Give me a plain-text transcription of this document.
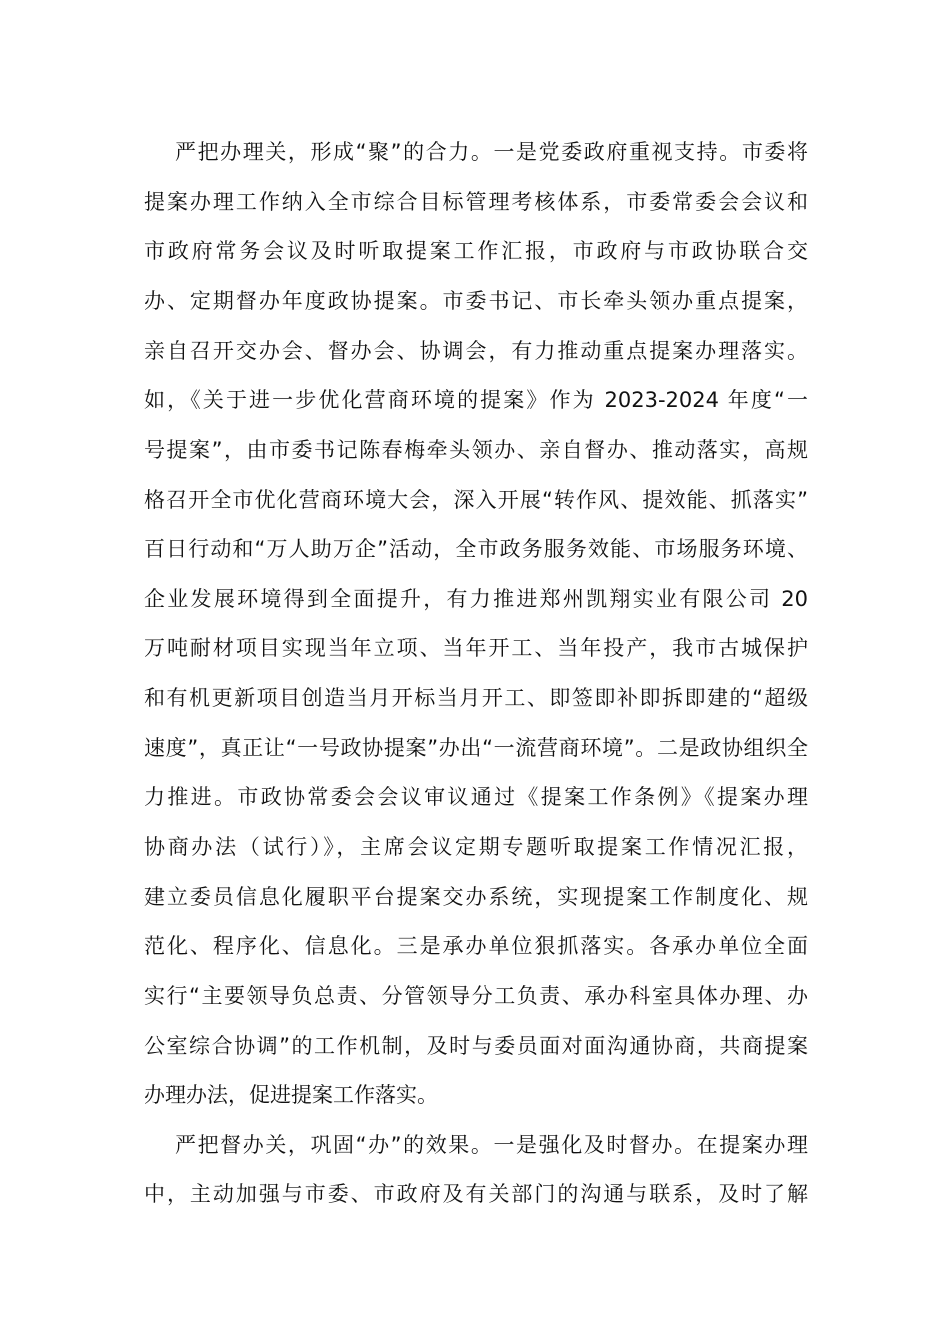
严把办理关，形成“聚”的合力。一是党委政府重视支持。市委将
提案办理工作纳入全市综合目标管理考核体系，市委常委会会议和
市政府常务会议及时听取提案工作汇报，市政府与市政协联合交
办、定期督办年度政协提案。市委书记、市长牵头领办重点提案，
亲自召开交办会、督办会、协调会，有力推动重点提案办理落实。
如，《关于进一步优化营商环境的提案》作为 2023-2024 年度“一
号提案”，由市委书记陈春梅牵头领办、亲自督办、推动落实，高规
格召开全市优化营商环境大会，深入开展“转作风、提效能、抓落实”
百日行动和“万人助万企”活动，全市政务服务效能、市场服务环境、
企业发展环境得到全面提升，有力推进郑州凯翔实业有限公司 20
万吨耐材项目实现当年立项、当年开工、当年投产，我市古城保护
和有机更新项目创造当月开标当月开工、即签即补即拆即建的“超级
速度”，真正让“一号政协提案”办出“一流营商环境”。二是政协组织全
力推进。市政协常委会会议审议通过《提案工作条例》《提案办理
协商办法（试行）》，主席会议定期专题听取提案工作情况汇报，
建立委员信息化履职平台提案交办系统，实现提案工作制度化、规
范化、程序化、信息化。三是承办单位狠抓落实。各承办单位全面
实行“主要领导负总责、分管领导分工负责、承办科室具体办理、办
公室综合协调”的工作机制，及时与委员面对面沟通协商，共商提案
办理办法，促进提案工作落实。
严把督办关，巩固“办”的效果。一是强化及时督办。在提案办理
中，主动加强与市委、市政府及有关部门的沟通与联系，及时了解
